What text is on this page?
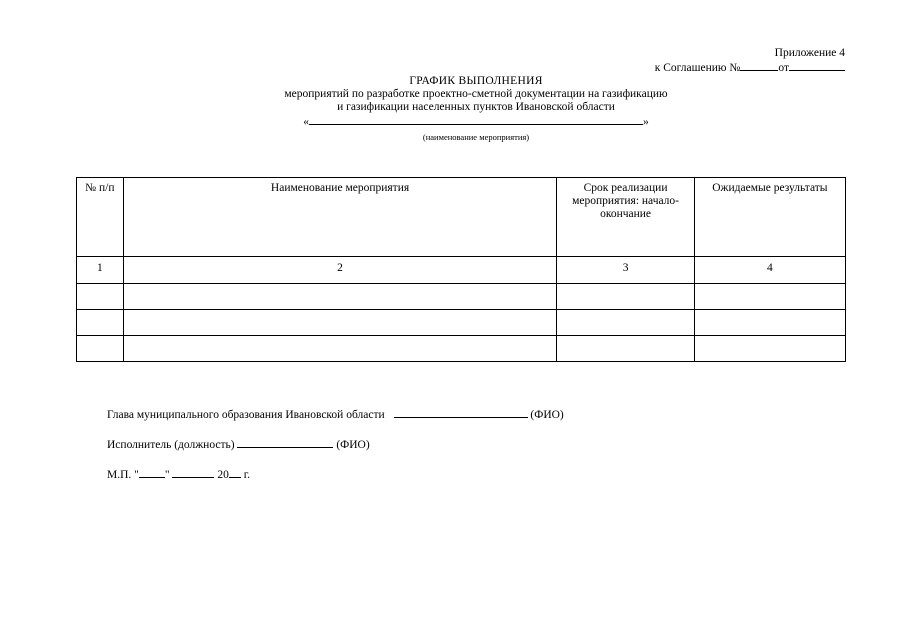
Приложение 4
к Соглашению №	от
ГРАФИК ВЫПОЛНЕНИЯ
мероприятий по разработке проектно-сметной документации на газификацию
и газификации населенных пунктов Ивановской области
«	»
(наименование мероприятия)
№ п/п	Наименование мероприятия	Срок реализации мероприятия: начало-окончание	Ожидаемые результаты
1	2	3	4

Глава муниципального образования Ивановской области	(ФИО)
Исполнитель (должность)	(ФИО)
М.П. " "	20 г.
